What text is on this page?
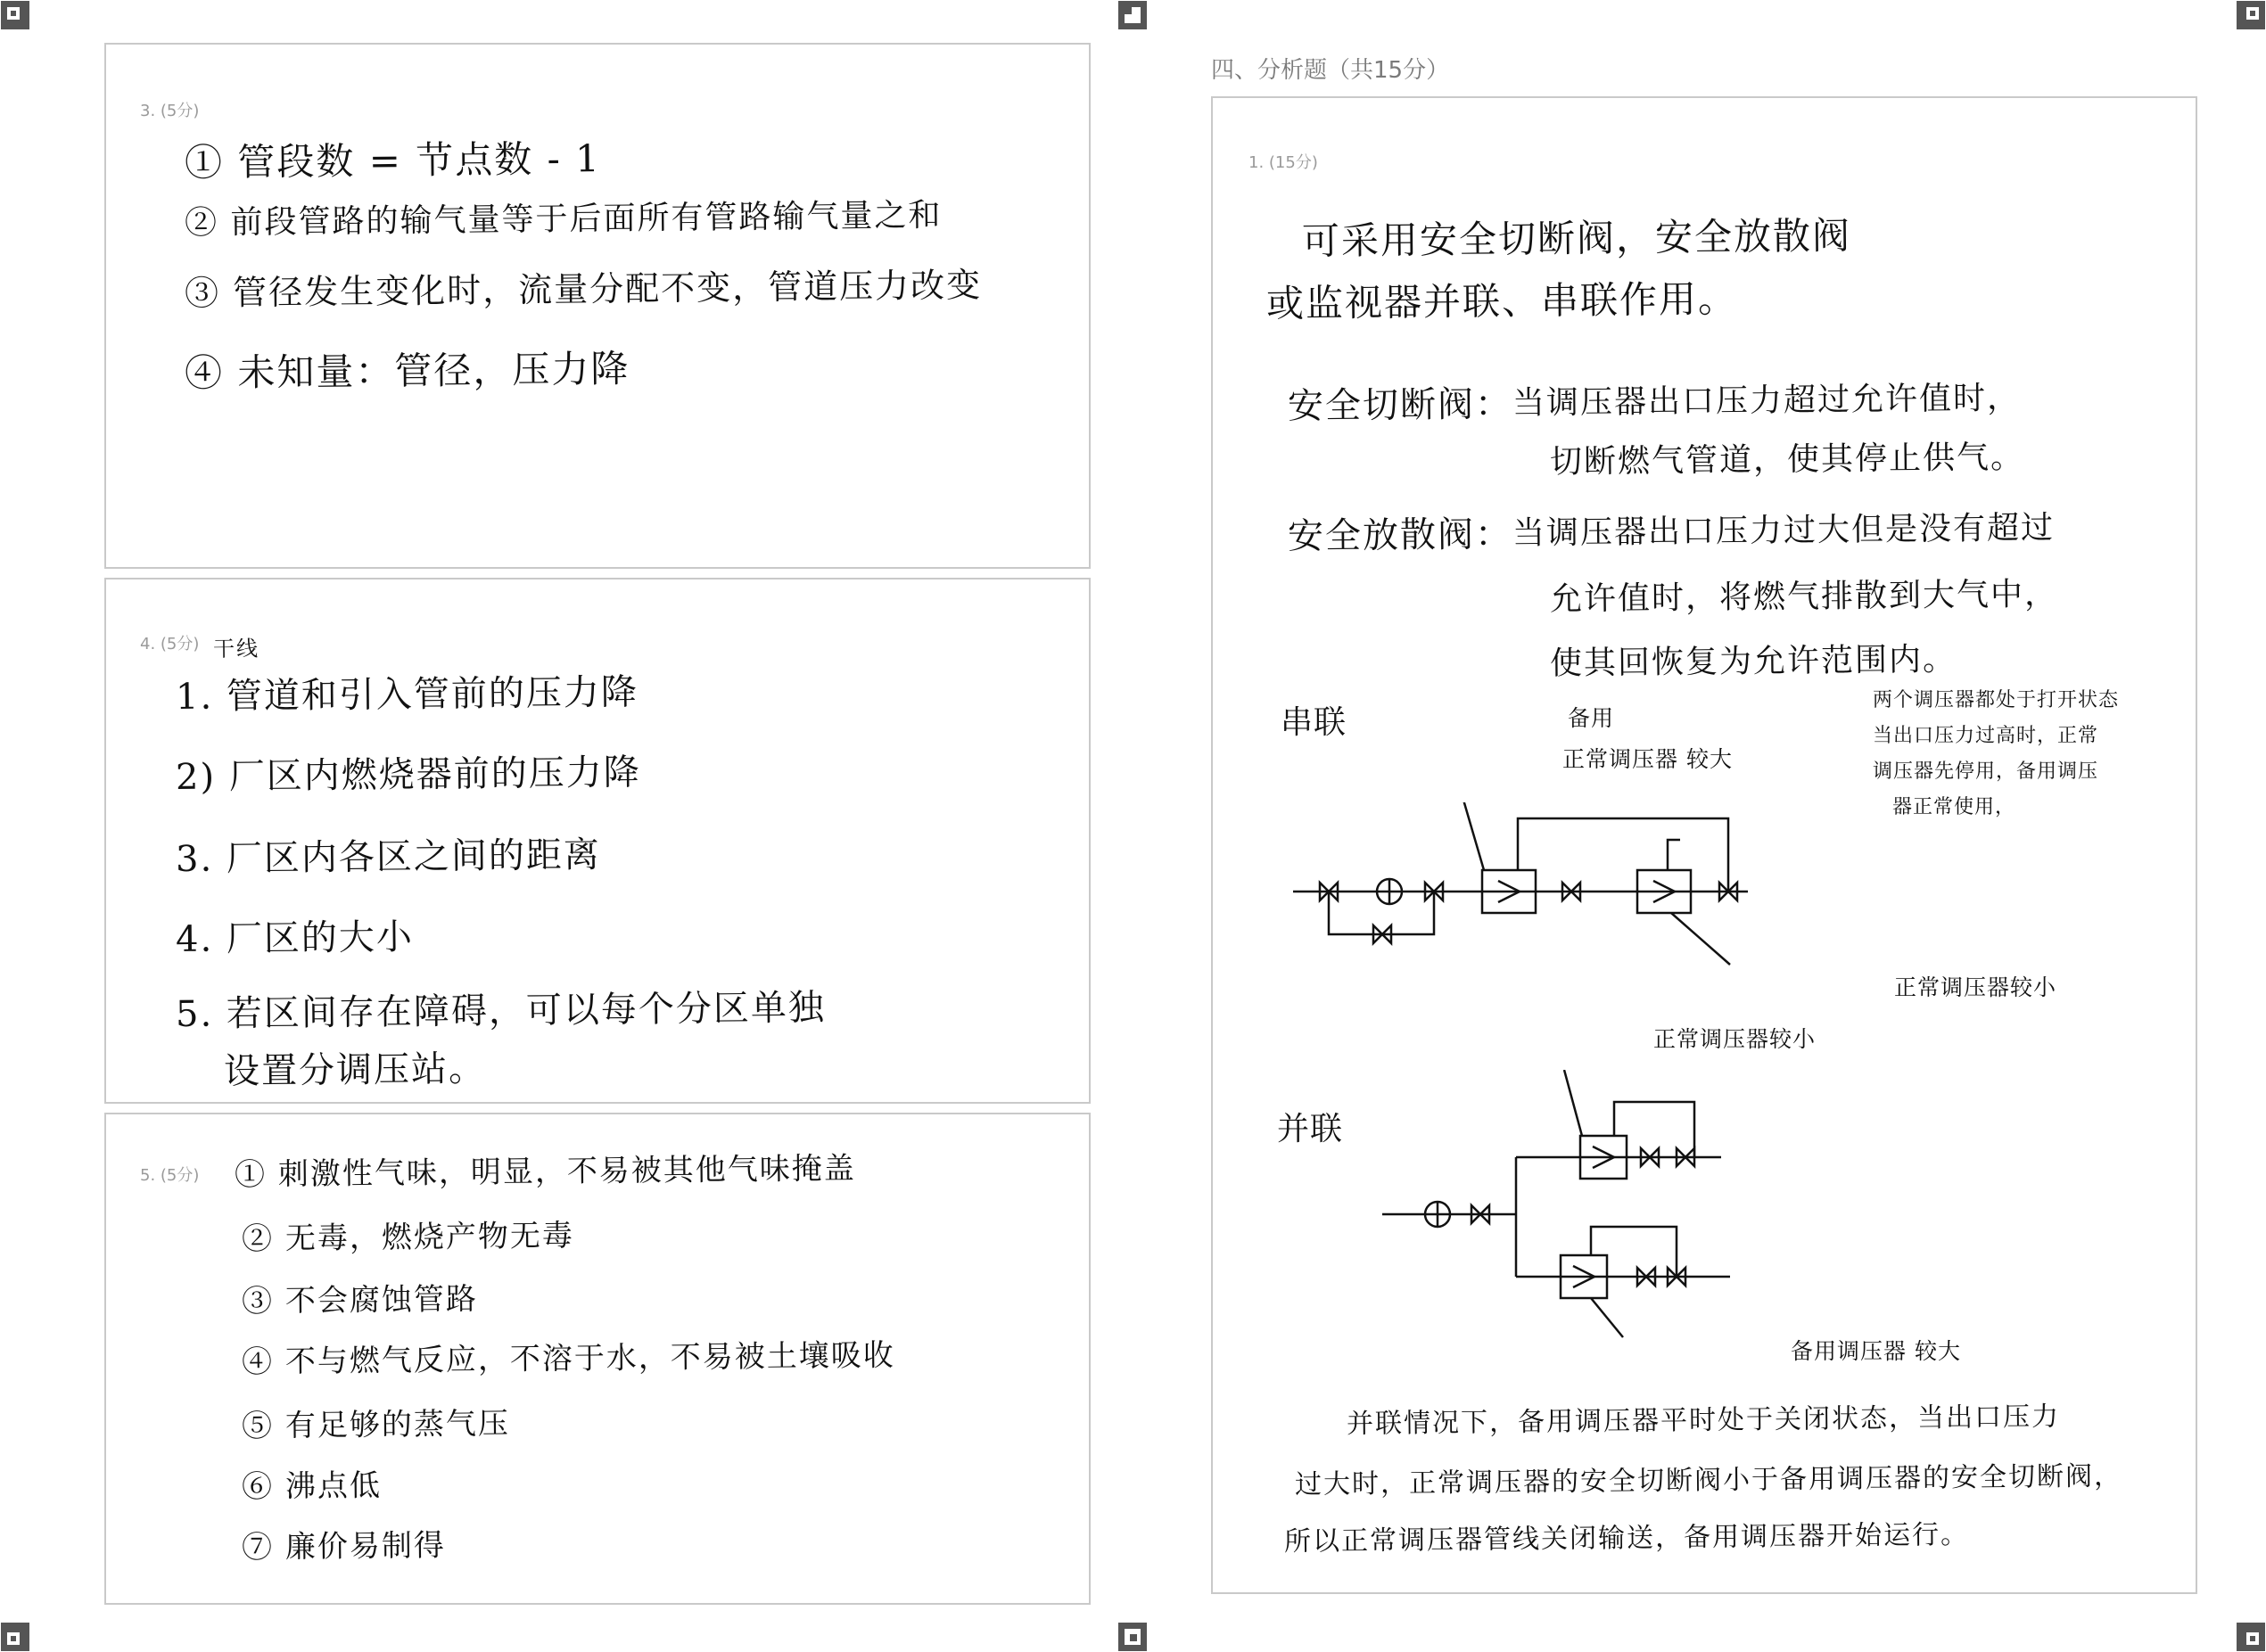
3. (5分)
① 管段数 = 节点数 - 1
② 前段管路的输气量等于后面所有管路输气量之和
③ 管径发生变化时，流量分配不变，管道压力改变
④ 未知量：管径，压力降
4. (5分) 干线
1. 管道和引入管前的压力降
2) 厂区内燃烧器前的压力降
3. 厂区内各区之间的距离
4. 厂区的大小
5. 若区间存在障碍，可以每个分区单独
设置分调压站。
5. (5分) ① 刺激性气味，明显，不易被其他气味掩盖
② 无毒，燃烧产物无毒
③ 不会腐蚀管路
④ 不与燃气反应，不溶于水，不易被土壤吸收
⑤ 有足够的蒸气压
⑥ 沸点低
⑦ 廉价易制得
四、分析题（共15分）
1. (15分)
可采用安全切断阀，安全放散阀
或监视器并联、串联作用。
安全切断阀： 当调压器出口压力超过允许值时，
切断燃气管道，使其停止供气。
安全放散阀： 当调压器出口压力过大但是没有超过
允许值时，将燃气排散到大气中，
使其回恢复为允许范围内。
串联	备用
正常调压器 较大
两个调压器都处于打开状态
当出口压力过高时，正常
调压器先停用，备用调压
器正常使用，
正常调压器较小
并联
正常调压器较小
备用调压器 较大
并联情况下，备用调压器平时处于关闭状态，当出口压力
过大时，正常调压器的安全切断阀小于备用调压器的安全切断阀，
所以正常调压器管线关闭输送，备用调压器开始运行。
